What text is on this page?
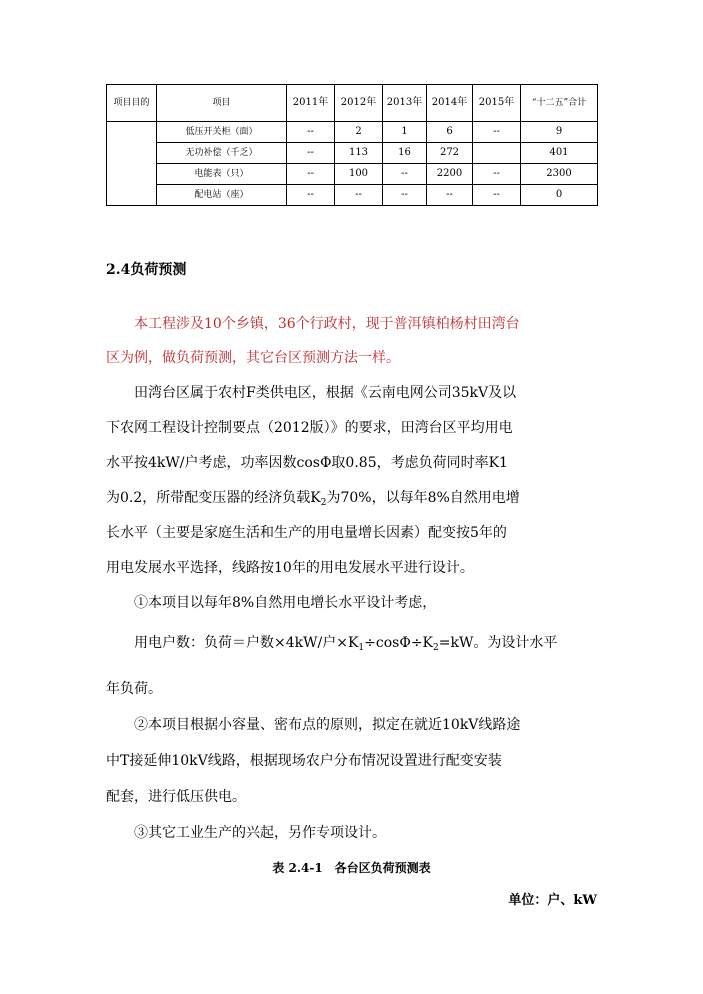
项目目的	项目	2011年	2012年	2013年	2014年	2015年	“十二五”合计
	低压开关柜（面）	--	2	1	6	--	9
	无功补偿（千乏）	--	113	16	272		401
	电能表（只）	--	100	--	2200	--	2300
	配电站（座）	--	--	--	--	--	0
2.4负荷预测
本工程涉及10个乡镇，36个行政村，现于普洱镇柏杨村田湾台
区为例，做负荷预测，其它台区预测方法一样。
田湾台区属于农村F类供电区，根据《云南电网公司35kV及以
下农网工程设计控制要点（2012版）》的要求，田湾台区平均用电
水平按4kW/户考虑，功率因数cosΦ取0.85，考虑负荷同时率K1
为0.2，所带配变压器的经济负载$K_2$为70%，以每年8%自然用电增
长水平（主要是家庭生活和生产的用电量增长因素）配变按5年的
用电发展水平选择，线路按10年的用电发展水平进行设计。
①本项目以每年8%自然用电增长水平设计考虑，
用电户数：负荷＝户数×4kW/户$\times K_1\div\cos\Phi\div K_2=kW$。为设计水平
年负荷。
②本项目根据小容量、密布点的原则，拟定在就近10kV线路途
中T接延伸10kV线路，根据现场农户分布情况设置进行配变安装
配套，进行低压供电。
③其它工业生产的兴起，另作专项设计。
表 2.4-1　各台区负荷预测表
单位：户、kW
